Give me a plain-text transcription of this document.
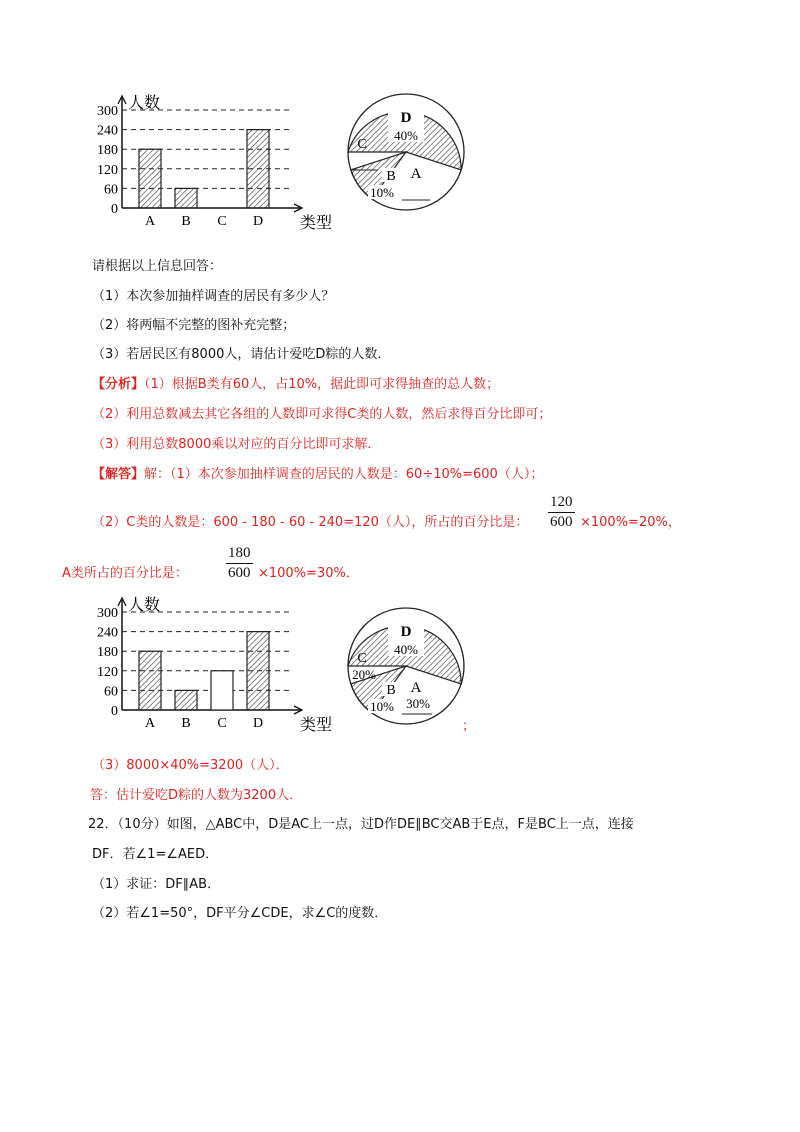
0
60
120
180
240
300 人数
类型
A B C D
D
40%
C
B
10%
A
请根据以上信息回答：
（1）本次参加抽样调查的居民有多少人？
（2）将两幅不完整的图补充完整；
（3）若居民区有8000人，请估计爱吃D粽的人数．
【分析】（1）根据B类有60人，占10%，据此即可求得抽查的总人数；
（2）利用总数减去其它各组的人数即可求得C类的人数，然后求得百分比即可；
（3）利用总数8000乘以对应的百分比即可求解．
【解答】解：（1）本次参加抽样调查的居民的人数是：60÷10%=600（人）；
（2）C类的人数是：600 - 180 - 60 - 240=120（人），所占的百分比是： $\frac{120}{600} \times 100\%=20\%$，
A类所占的百分比是：	$\frac{180}{600} \times 100\%=30\%$．
0
60
120
180
240
300 人数
类型
A B C D
D
40%
C
20%
B
10%
A
30%
；
（3）8000×40%=3200（人）．
答：估计爱吃D粽的人数为3200人．
22．（10分）如图，△ABC中，D是AC上一点，过D作DE∥BC交AB于E点，F是BC上一点，连接
DF．若∠1=∠AED．
（1）求证：DF∥AB．
（2）若∠1=50°，DF平分∠CDE，求∠C的度数．
